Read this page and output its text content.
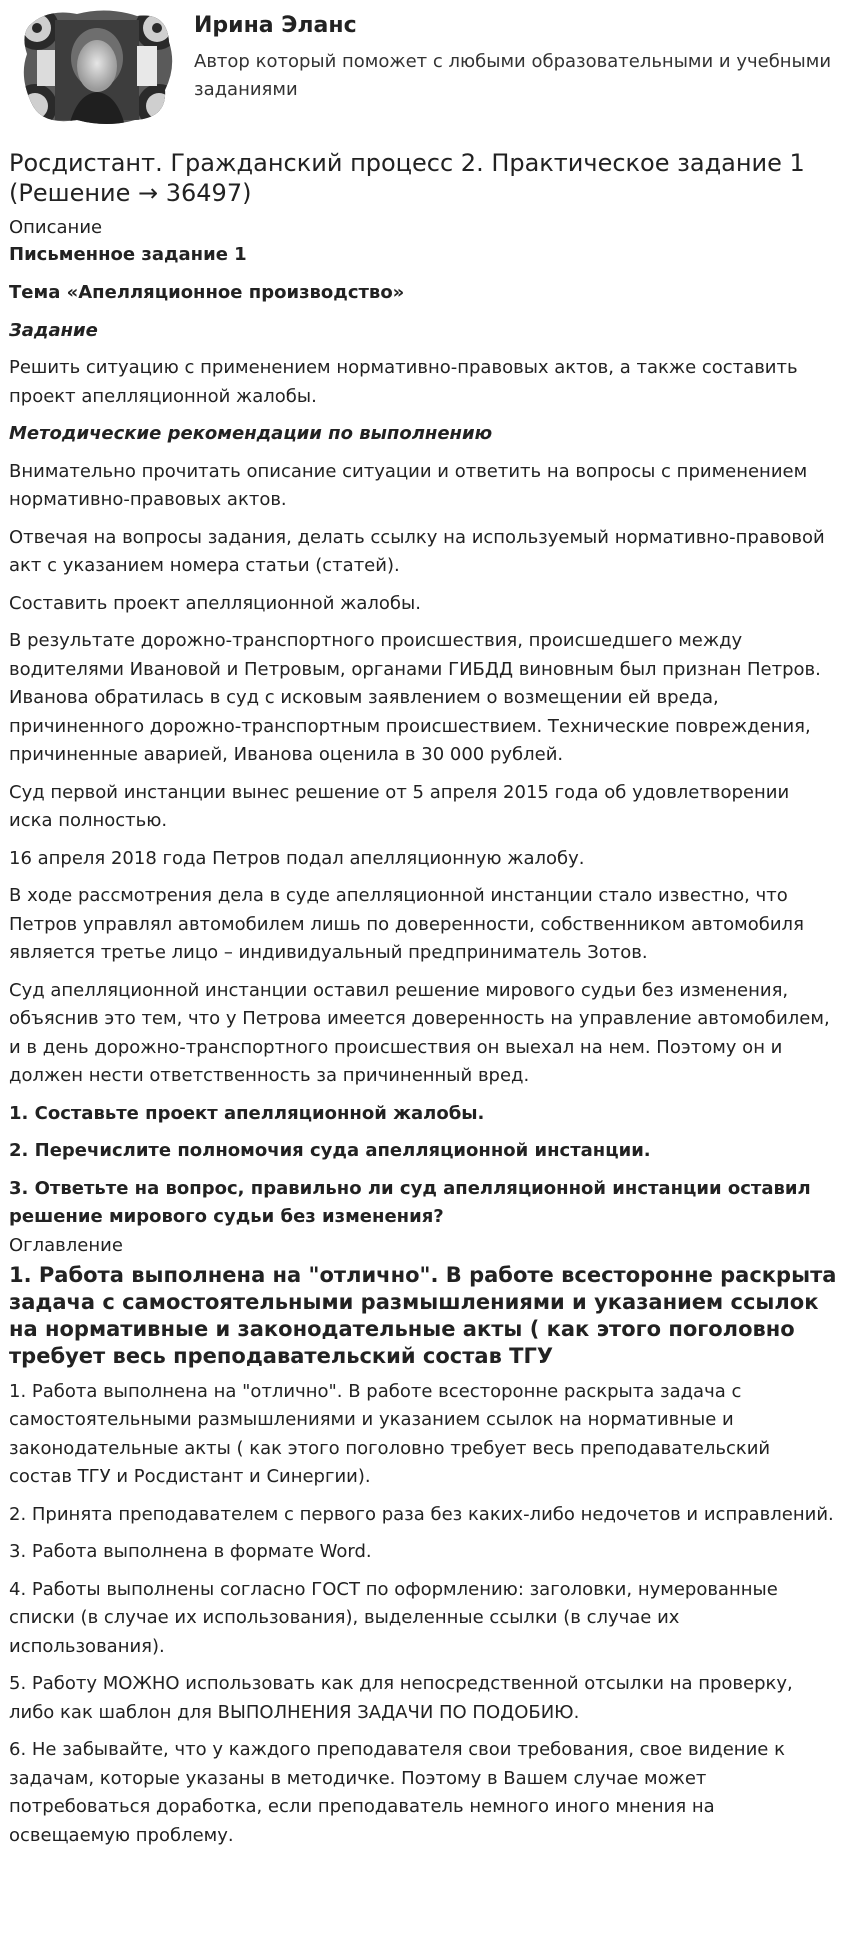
Ирина Эланс
Автор который поможет с любыми образовательными и учебными заданиями
Росдистант. Гражданский процесс 2. Практическое задание 1 (Решение → 36497)
Описание

Письменное задание 1

Тема «Апелляционное производство»

Задание

Решить ситуацию с применением нормативно-правовых актов, а также составить проект апелляционной жалобы.

Методические рекомендации по выполнению

Внимательно прочитать описание ситуации и ответить на вопросы с применением нормативно-правовых актов.

Отвечая на вопросы задания, делать ссылку на используемый нормативно-правовой акт с указанием номера статьи (статей).

Составить проект апелляционной жалобы.

В результате дорожно-транспортного происшествия, происшедшего между водителями Ивановой и Петровым, органами ГИБДД виновным был признан Петров. Иванова обратилась в суд с исковым заявлением о возмещении ей вреда, причиненного дорожно-транспортным происшествием. Технические повреждения, причиненные аварией, Иванова оценила в 30 000 рублей.

Суд первой инстанции вынес решение от 5 апреля 2015 года об удовлетворении иска полностью.

16 апреля 2018 года Петров подал апелляционную жалобу.

В ходе рассмотрения дела в суде апелляционной инстанции стало известно, что Петров управлял автомобилем лишь по доверенности, собственником автомобиля является третье лицо – индивидуальный предприниматель Зотов.

Суд апелляционной инстанции оставил решение мирового судьи без изменения, объяснив это тем, что у Петрова имеется доверенность на управление автомобилем, и в день дорожно-транспортного происшествия он выехал на нем. Поэтому он и должен нести ответственность за причиненный вред.

1. Составьте проект апелляционной жалобы.

2. Перечислите полномочия суда апелляционной инстанции.

3. Ответьте на вопрос, правильно ли суд апелляционной инстанции оставил решение мирового судьи без изменения?

Оглавление
1. Работа выполнена на "отлично". В работе всесторонне раскрыта задача с самостоятельными размышлениями и указанием ссылок на нормативные и законодательные акты ( как этого поголовно требует весь преподавательский состав ТГУ

1. Работа выполнена на "отлично". В работе всесторонне раскрыта задача с самостоятельными размышлениями и указанием ссылок на нормативные и законодательные акты ( как этого поголовно требует весь преподавательский состав ТГУ и Росдистант и Синергии).

2. Принята преподавателем с первого раза без каких-либо недочетов и исправлений.

3. Работа выполнена в формате Word.

4. Работы выполнены согласно ГОСТ по оформлению: заголовки, нумерованные списки (в случае их использования), выделенные ссылки (в случае их использования).

5. Работу МОЖНО использовать как для непосредственной отсылки на проверку, либо как шаблон для ВЫПОЛНЕНИЯ ЗАДАЧИ ПО ПОДОБИЮ.

6. Не забывайте, что у каждого преподавателя свои требования, свое видение к задачам, которые указаны в методичке. Поэтому в Вашем случае может потребоваться доработка, если преподаватель немного иного мнения на освещаемую проблему.
